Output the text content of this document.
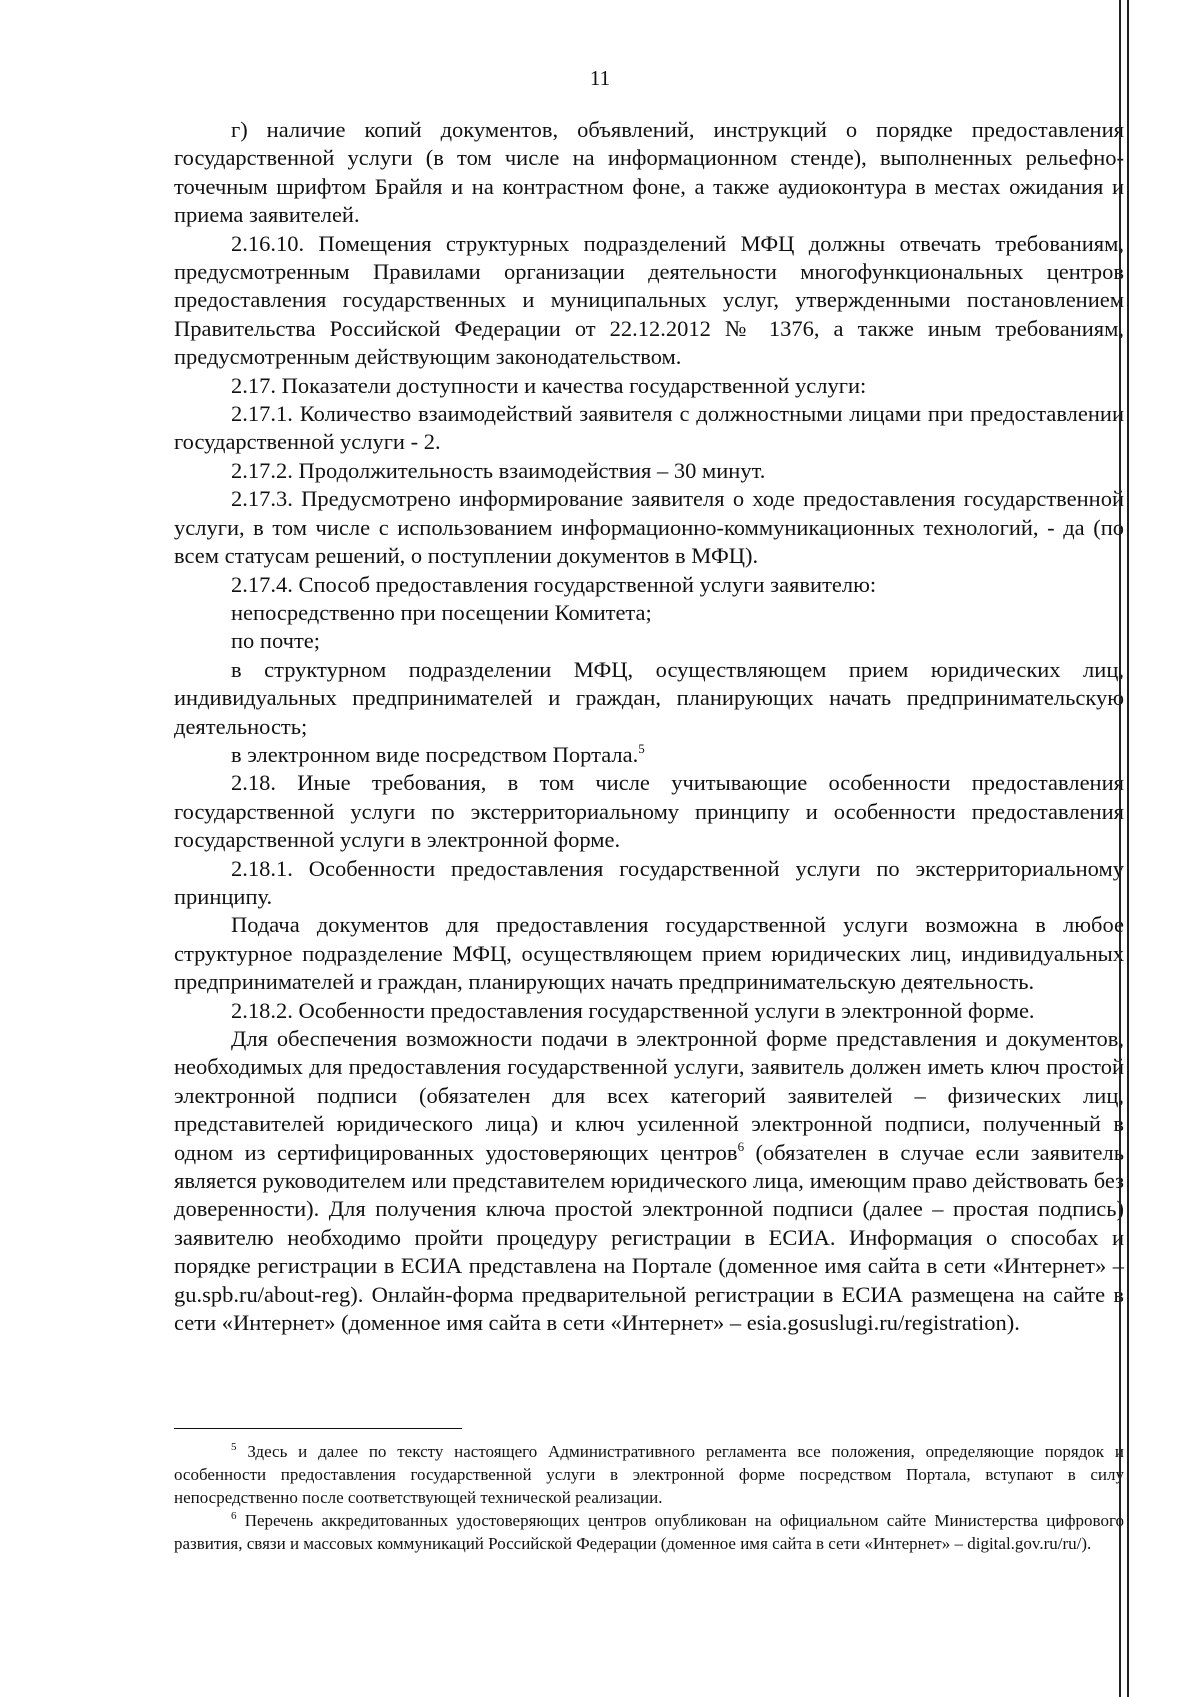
11

г) наличие копий документов, объявлений, инструкций о порядке предоставления государственной услуги (в том числе на информационном стенде), выполненных рельефно-точечным шрифтом Брайля и на контрастном фоне, а также аудиоконтура в местах ожидания и приема заявителей.

2.16.10. Помещения структурных подразделений МФЦ должны отвечать требованиям, предусмотренным Правилами организации деятельности многофункциональных центров предоставления государственных и муниципальных услуг, утвержденными постановлением Правительства Российской Федерации от 22.12.2012 № 1376, а также иным требованиям, предусмотренным действующим законодательством.

2.17. Показатели доступности и качества государственной услуги:

2.17.1. Количество взаимодействий заявителя с должностными лицами при предоставлении государственной услуги - 2.

2.17.2. Продолжительность взаимодействия – 30 минут.

2.17.3. Предусмотрено информирование заявителя о ходе предоставления государственной услуги, в том числе с использованием информационно-коммуникационных технологий, - да (по всем статусам решений, о поступлении документов в МФЦ).

2.17.4. Способ предоставления государственной услуги заявителю:

непосредственно при посещении Комитета;

по почте;

в структурном подразделении МФЦ, осуществляющем прием юридических лиц, индивидуальных предпринимателей и граждан, планирующих начать предпринимательскую деятельность;

в электронном виде посредством Портала.$^5$

2.18. Иные требования, в том числе учитывающие особенности предоставления государственной услуги по экстерриториальному принципу и особенности предоставления государственной услуги в электронной форме.

2.18.1. Особенности предоставления государственной услуги по экстерриториальному принципу.

Подача документов для предоставления государственной услуги возможна в любое структурное подразделение МФЦ, осуществляющем прием юридических лиц, индивидуальных предпринимателей и граждан, планирующих начать предпринимательскую деятельность.

2.18.2. Особенности предоставления государственной услуги в электронной форме.

Для обеспечения возможности подачи в электронной форме представления и документов, необходимых для предоставления государственной услуги, заявитель должен иметь ключ простой электронной подписи (обязателен для всех категорий заявителей – физических лиц, представителей юридического лица) и ключ усиленной электронной подписи, полученный в одном из сертифицированных удостоверяющих центров$^6$ (обязателен в случае если заявитель является руководителем или представителем юридического лица, имеющим право действовать без доверенности). Для получения ключа простой электронной подписи (далее – простая подпись) заявителю необходимо пройти процедуру регистрации в ЕСИА. Информация о способах и порядке регистрации в ЕСИА представлена на Портале (доменное имя сайта в сети «Интернет» – gu.spb.ru/about-reg). Онлайн-форма предварительной регистрации в ЕСИА размещена на сайте в сети «Интернет» (доменное имя сайта в сети «Интернет» – esia.gosuslugi.ru/registration).

$^5$ Здесь и далее по тексту настоящего Административного регламента все положения, определяющие порядок и особенности предоставления государственной услуги в электронной форме посредством Портала, вступают в силу непосредственно после соответствующей технической реализации.

$^6$ Перечень аккредитованных удостоверяющих центров опубликован на официальном сайте Министерства цифрового развития, связи и массовых коммуникаций Российской Федерации (доменное имя сайта в сети «Интернет» – digital.gov.ru/ru/).
